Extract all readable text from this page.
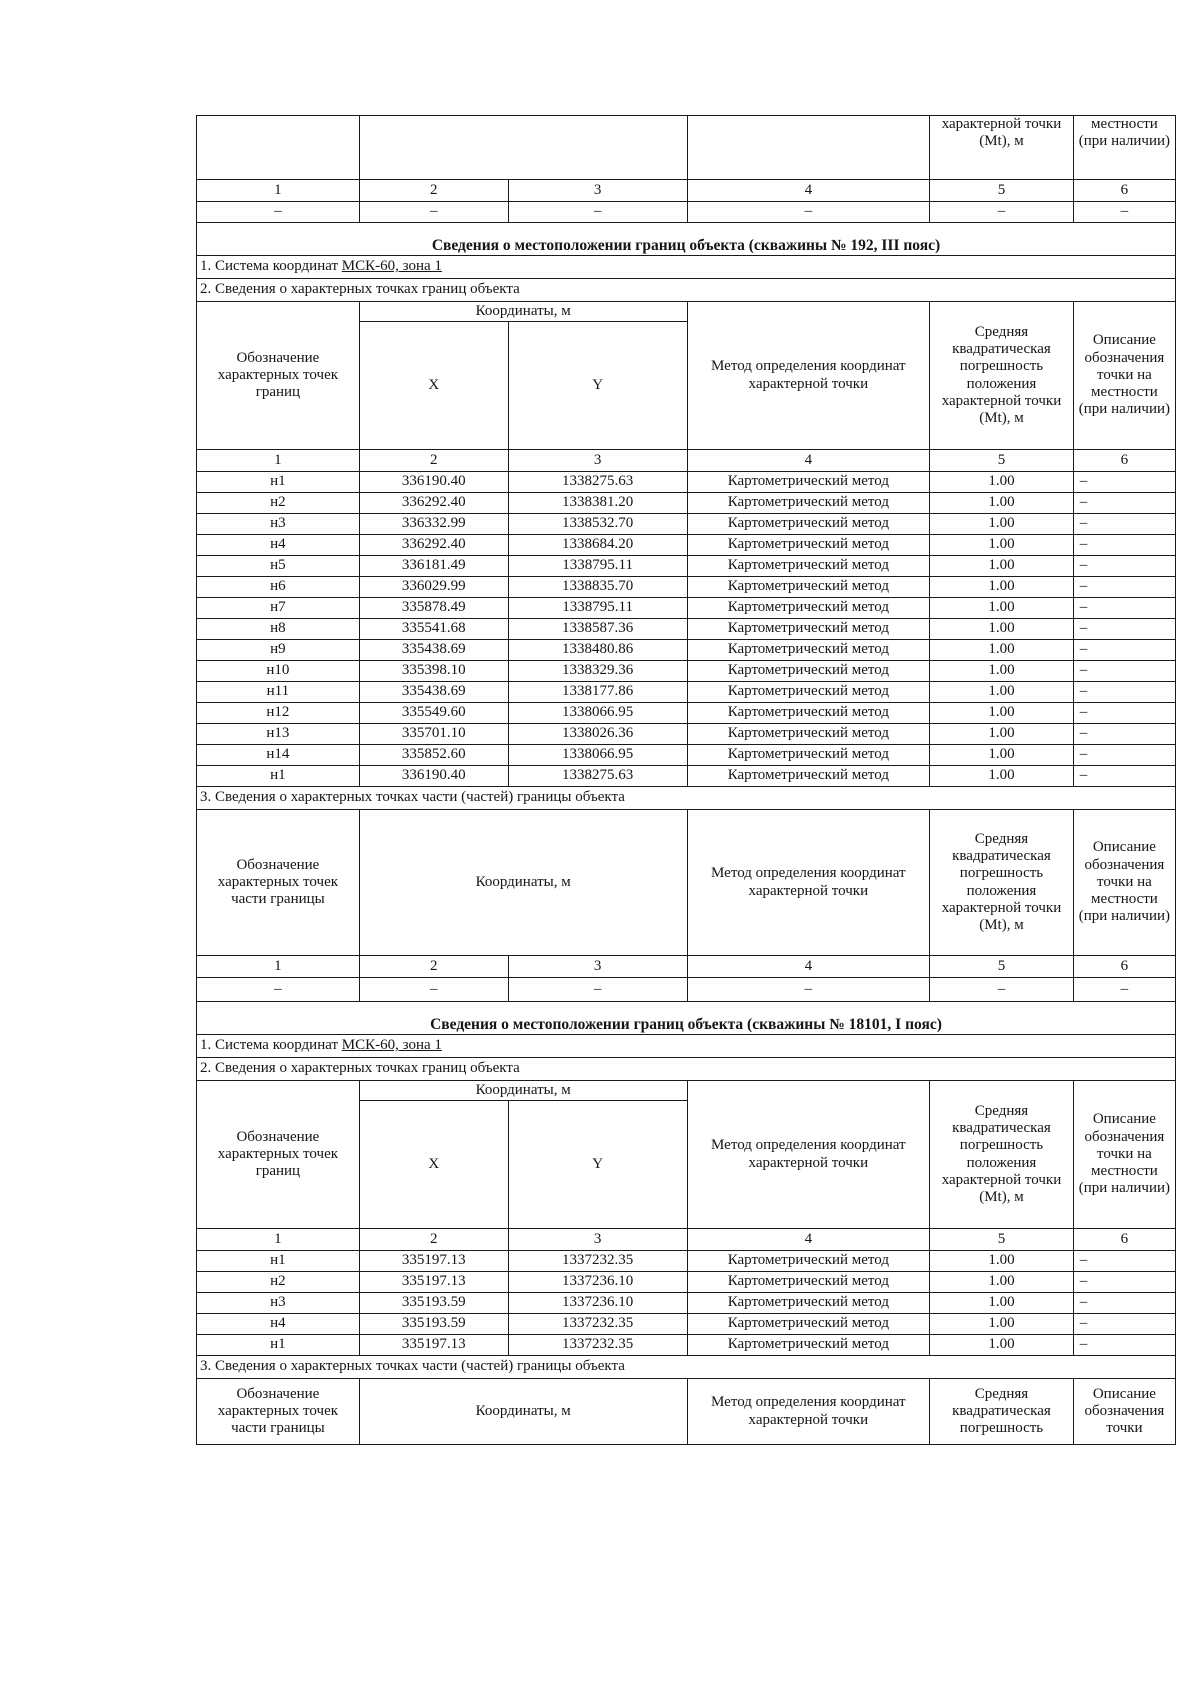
				характерной точки (Mt), м	местности (при наличии)
1	2	3	4	5	6
–	–	–	–	–	–
Сведения о местоположении границ объекта (скважины № 192, III пояс)					
1. Система координат МСК-60, зона 1					
2. Сведения о характерных точках границ объекта					
Обозначение характерных точек границ	Координаты, м		Метод определения координат характерной точки	Средняя квадратическая погрешность положения характерной точки (Mt), м	Описание обозначения точки на местности (при наличии)
	X	Y			
1	2	3	4	5	6
н1	336190.40	1338275.63	Картометрический метод	1.00	–
н2	336292.40	1338381.20	Картометрический метод	1.00	–
н3	336332.99	1338532.70	Картометрический метод	1.00	–
н4	336292.40	1338684.20	Картометрический метод	1.00	–
н5	336181.49	1338795.11	Картометрический метод	1.00	–
н6	336029.99	1338835.70	Картометрический метод	1.00	–
н7	335878.49	1338795.11	Картометрический метод	1.00	–
н8	335541.68	1338587.36	Картометрический метод	1.00	–
н9	335438.69	1338480.86	Картометрический метод	1.00	–
н10	335398.10	1338329.36	Картометрический метод	1.00	–
н11	335438.69	1338177.86	Картометрический метод	1.00	–
н12	335549.60	1338066.95	Картометрический метод	1.00	–
н13	335701.10	1338026.36	Картометрический метод	1.00	–
н14	335852.60	1338066.95	Картометрический метод	1.00	–
н1	336190.40	1338275.63	Картометрический метод	1.00	–
3. Сведения о характерных точках части (частей) границы объекта					
Обозначение характерных точек части границы	Координаты, м		Метод определения координат характерной точки	Средняя квадратическая погрешность положения характерной точки (Mt), м	Описание обозначения точки на местности (при наличии)
1	2	3	4	5	6
–	–	–	–	–	–
Сведения о местоположении границ объекта (скважины № 18101, I пояс)					
1. Система координат МСК-60, зона 1					
2. Сведения о характерных точках границ объекта					
Обозначение характерных точек границ	Координаты, м		Метод определения координат характерной точки	Средняя квадратическая погрешность положения характерной точки (Mt), м	Описание обозначения точки на местности (при наличии)
	X	Y			
1	2	3	4	5	6
н1	335197.13	1337232.35	Картометрический метод	1.00	–
н2	335197.13	1337236.10	Картометрический метод	1.00	–
н3	335193.59	1337236.10	Картометрический метод	1.00	–
н4	335193.59	1337232.35	Картометрический метод	1.00	–
н1	335197.13	1337232.35	Картометрический метод	1.00	–
3. Сведения о характерных точках части (частей) границы объекта					
Обозначение характерных точек части границы	Координаты, м		Метод определения координат характерной точки	Средняя квадратическая погрешность	Описание обозначения точки
